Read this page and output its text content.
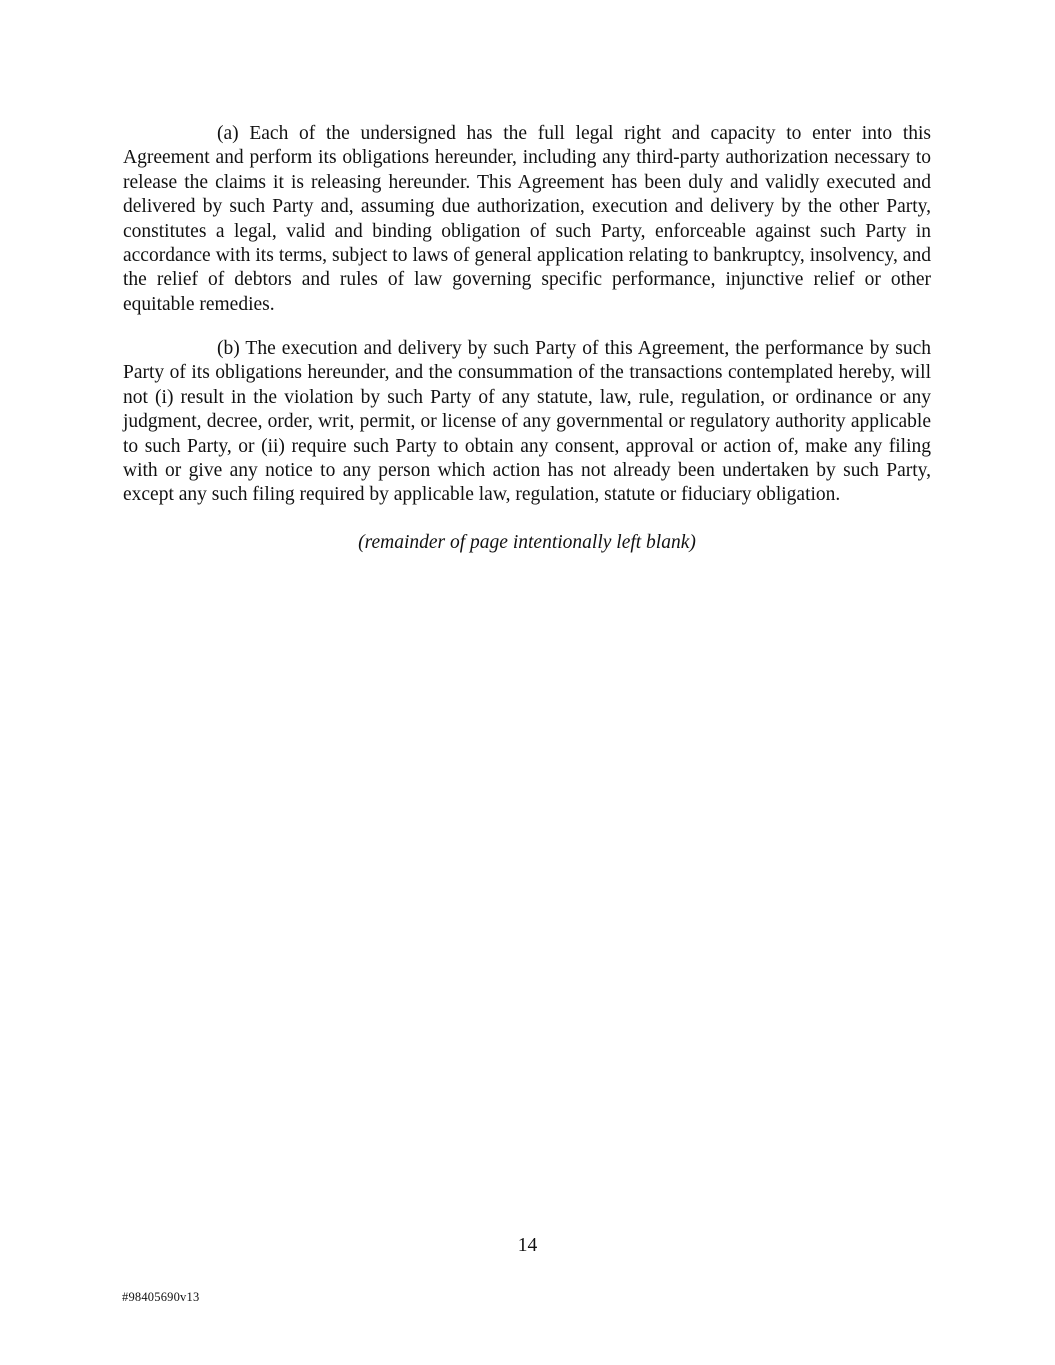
(a) Each of the undersigned has the full legal right and capacity to enter into this Agreement and perform its obligations hereunder, including any third-party authorization necessary to release the claims it is releasing hereunder. This Agreement has been duly and validly executed and delivered by such Party and, assuming due authorization, execution and delivery by the other Party, constitutes a legal, valid and binding obligation of such Party, enforceable against such Party in accordance with its terms, subject to laws of general application relating to bankruptcy, insolvency, and the relief of debtors and rules of law governing specific performance, injunctive relief or other equitable remedies.

(b) The execution and delivery by such Party of this Agreement, the performance by such Party of its obligations hereunder, and the consummation of the transactions contemplated hereby, will not (i) result in the violation by such Party of any statute, law, rule, regulation, or ordinance or any judgment, decree, order, writ, permit, or license of any governmental or regulatory authority applicable to such Party, or (ii) require such Party to obtain any consent, approval or action of, make any filing with or give any notice to any person which action has not already been undertaken by such Party, except any such filing required by applicable law, regulation, statute or fiduciary obligation.

(remainder of page intentionally left blank)

14
#98405690v13
